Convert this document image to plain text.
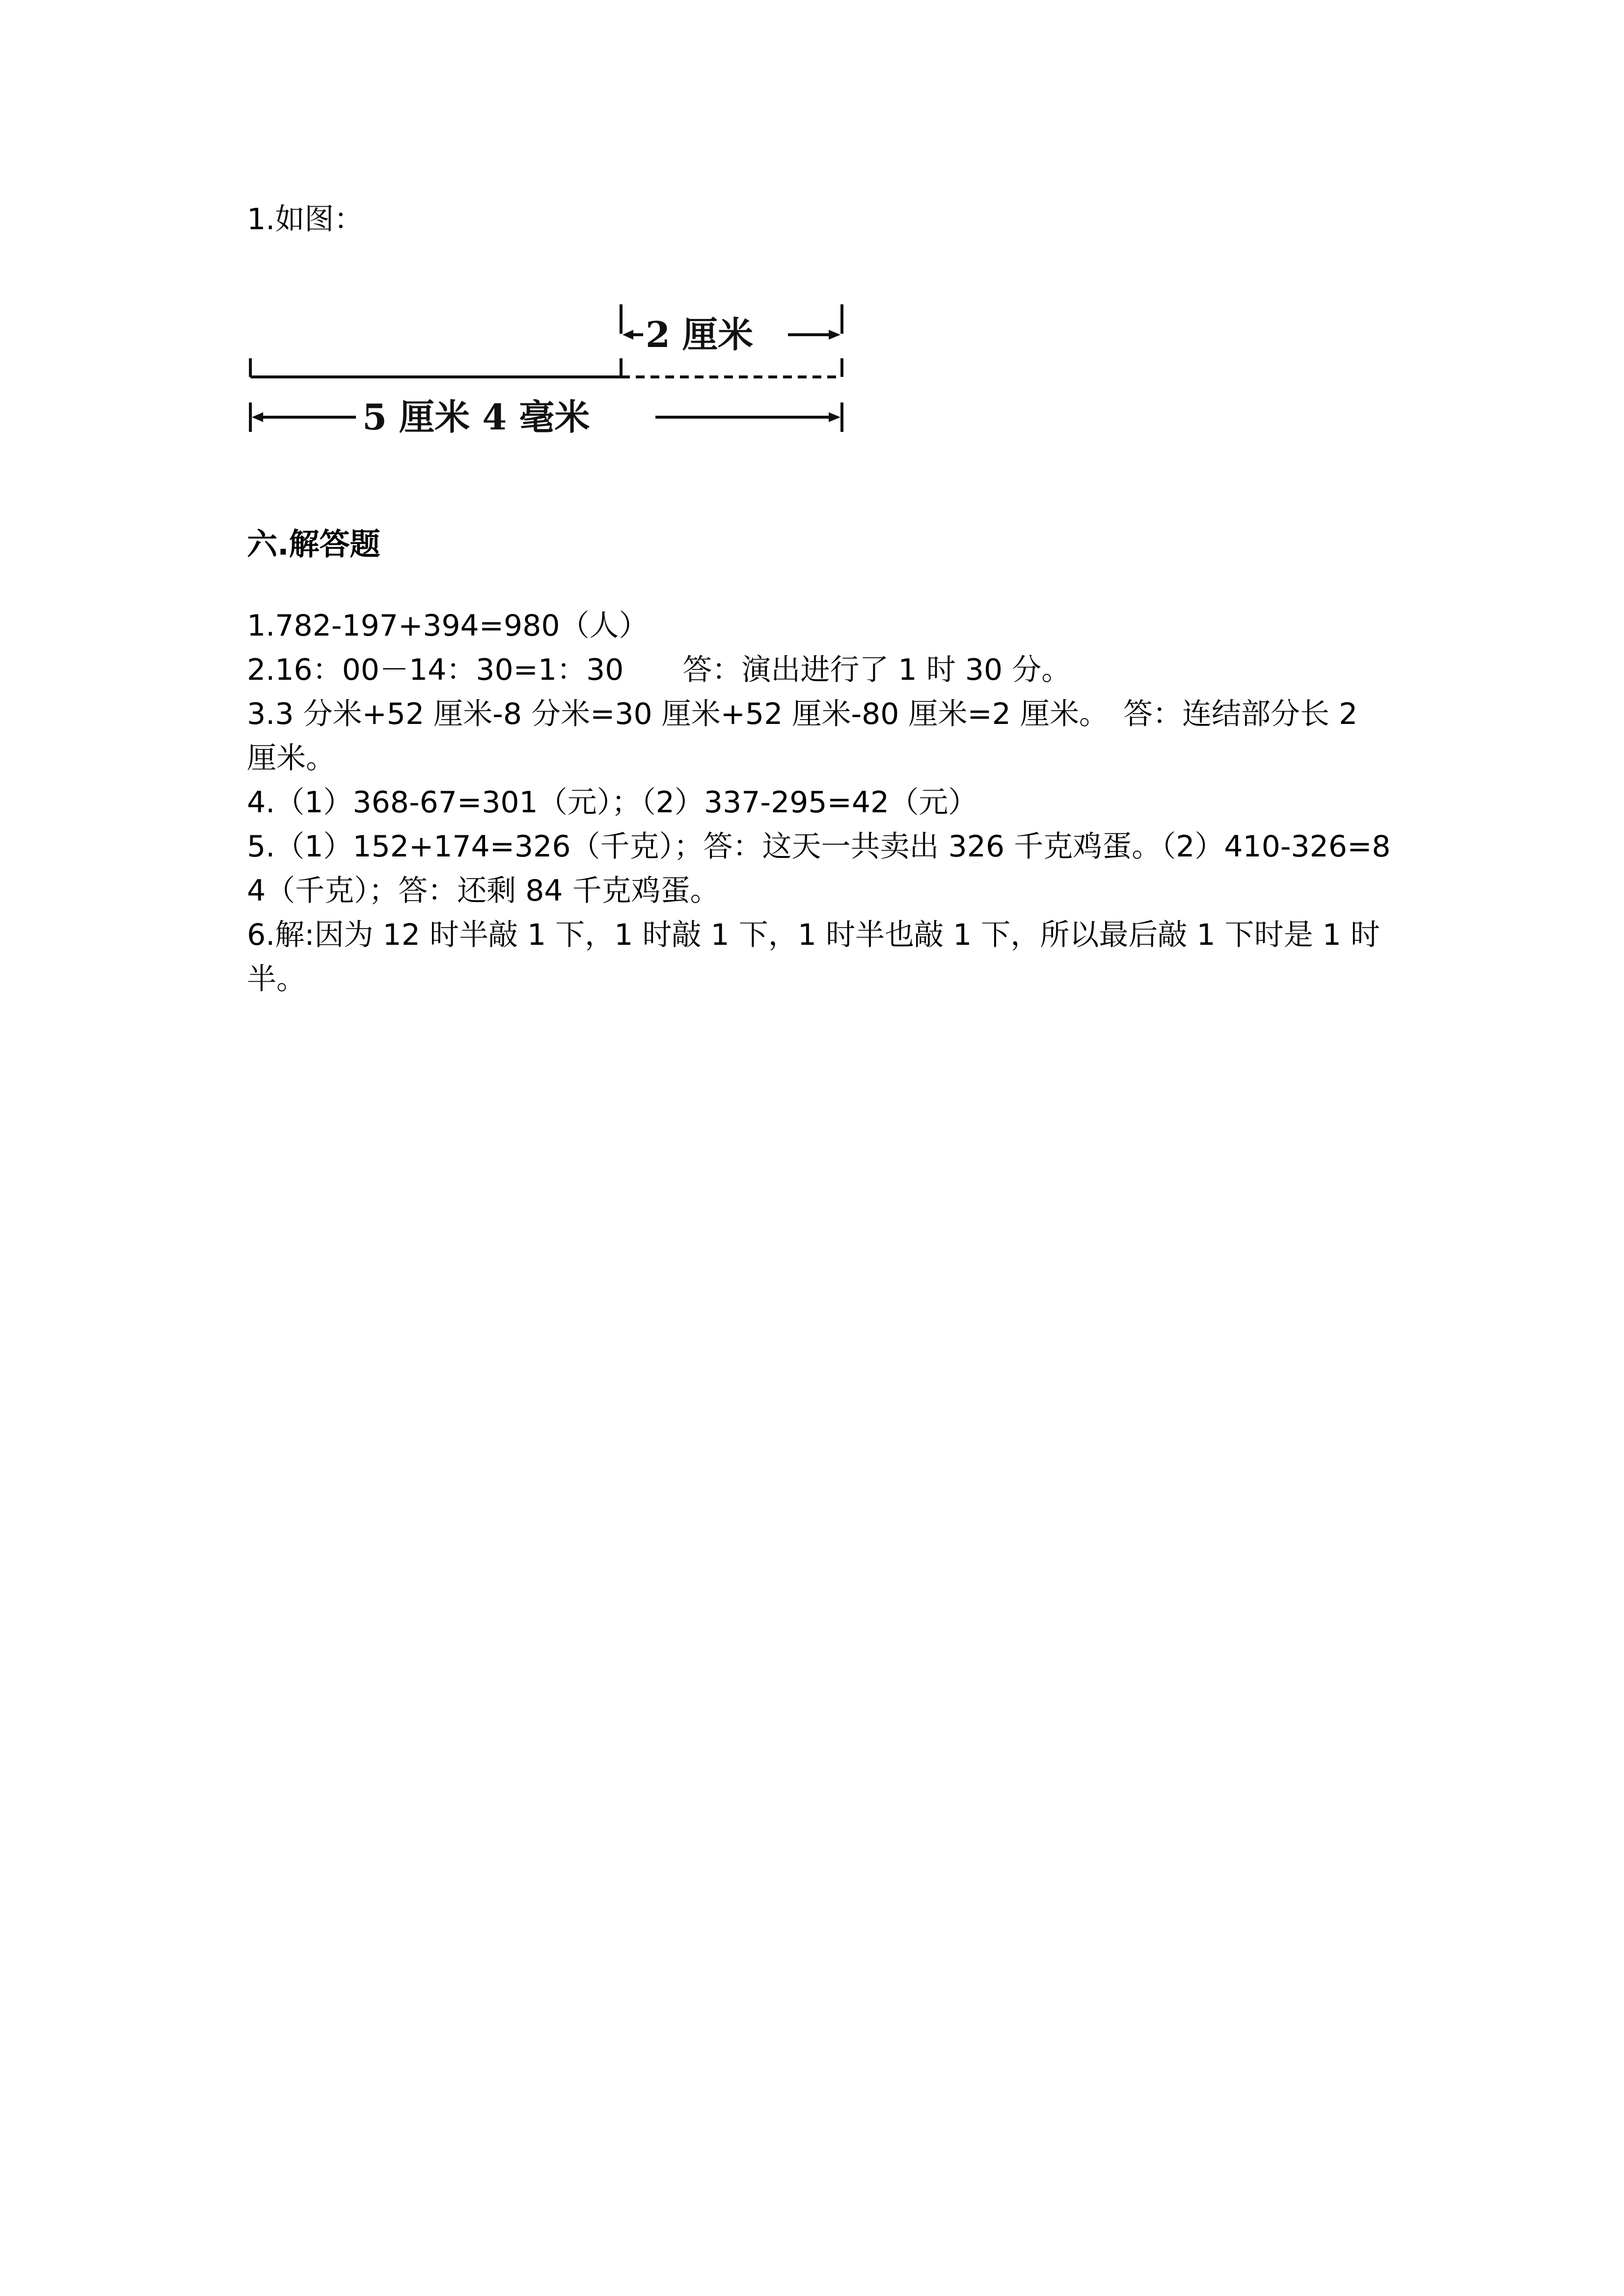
1.如图：

2 厘米
5 厘米 4 毫米
六.解答题
1.782-197+394=980（人）
2.16：00－14：30=1：30　　答：演出进行了 1 时 30 分。
3.3 分米+52 厘米-8 分米=30 厘米+52 厘米-80 厘米=2 厘米。　答：连结部分长 2 厘米。
4.（1）368-67=301（元）；（2）337-295=42（元）
5.（1）152+174=326（千克）；答：这天一共卖出 326 千克鸡蛋。（2）410-326=84（千克）；答：还剩 84 千克鸡蛋。
6.解:因为 12 时半敲 1 下，1 时敲 1 下，1 时半也敲 1 下，所以最后敲 1 下时是 1 时半。
